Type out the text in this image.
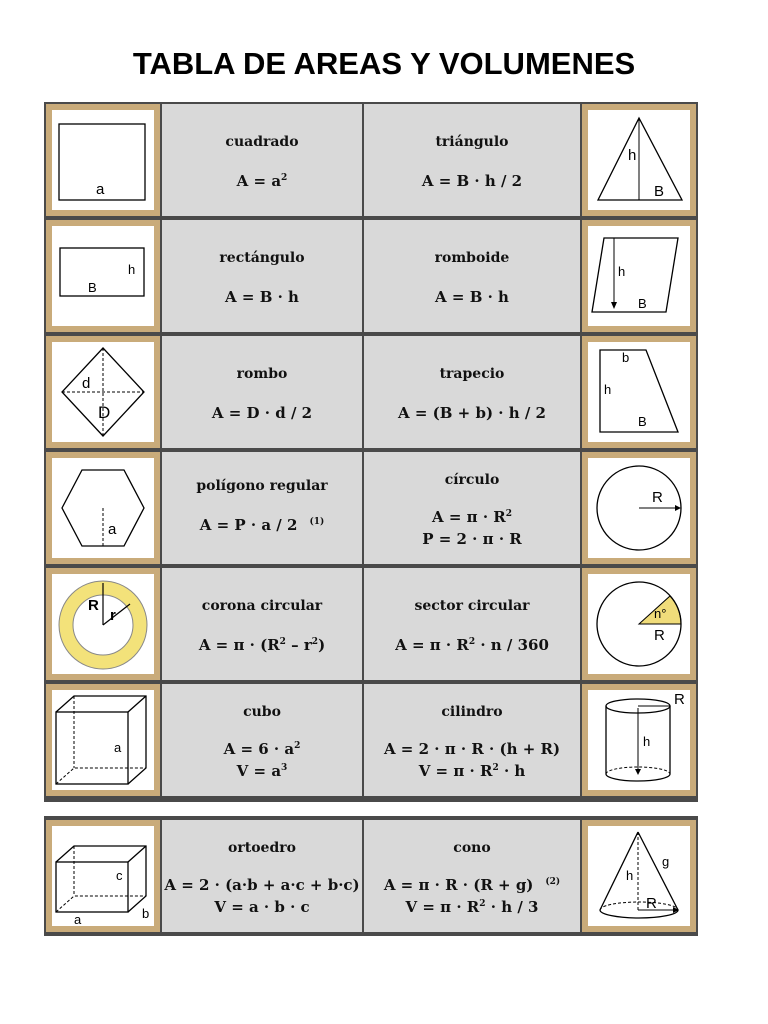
TABLA DE AREAS Y VOLUMENES
a
cuadrado
$A = a^2$
triángulo
A = B · h / 2
h
B
h
B
rectángulo
A = B · h
romboide
A = B · h
h
B
d
D
rombo
A = D · d / 2
trapecio
A = (B + b) · h / 2
b
h
B
a
polígono regular
A = P · a / 2 $^{(1)}$
círculo
$A = \pi \cdot R^2$
P = 2 · π · R
R
R
r
corona circular
$A = \pi \cdot (R^2 - r^2)$
sector circular
$A = \pi \cdot R^2 \cdot n / 360$
n°
R
a
cubo
$A = 6 \cdot a^2$
$V = a^3$
cilindro
A = 2 · π · R · (h + R)
$V = \pi \cdot R^2 \cdot h$
R
h
c
a	b
ortoedro
A = 2 · (a·b + a·c + b·c)
V = a · b · c
cono
A = π · R · (R + g) $^{(2)}$
$V = \pi \cdot R^2 \cdot h / 3$
h
g
R
